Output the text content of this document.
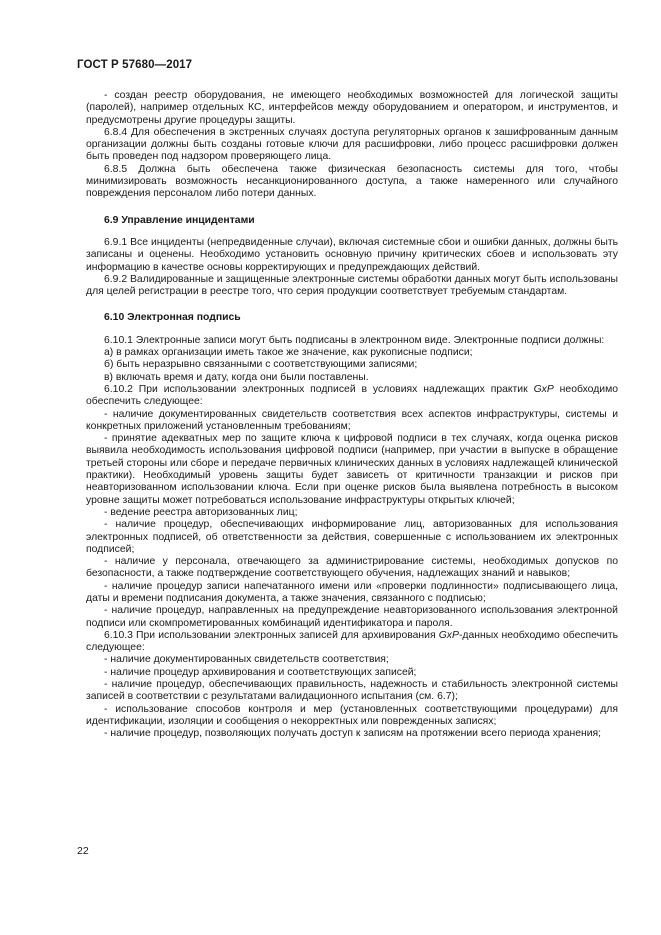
ГОСТ Р 57680—2017

- создан реестр оборудования, не имеющего необходимых возможностей для логической защиты (паролей), например отдельных КС, интерфейсов между оборудованием и оператором, и инструментов, и предусмотрены другие процедуры защиты.

6.8.4 Для обеспечения в экстренных случаях доступа регуляторных органов к зашифрованным данным организации должны быть созданы готовые ключи для расшифровки, либо процесс расшифровки должен быть проведен под надзором проверяющего лица.

6.8.5 Должна быть обеспечена также физическая безопасность системы для того, чтобы минимизировать возможность несанкционированного доступа, а также намеренного или случайного повреждения персоналом либо потери данных.

6.9 Управление инцидентами

6.9.1 Все инциденты (непредвиденные случаи), включая системные сбои и ошибки данных, должны быть записаны и оценены. Необходимо установить основную причину критических сбоев и использовать эту информацию в качестве основы корректирующих и предупреждающих действий.

6.9.2 Валидированные и защищенные электронные системы обработки данных могут быть использованы для целей регистрации в реестре того, что серия продукции соответствует требуемым стандартам.

6.10 Электронная подпись

6.10.1 Электронные записи могут быть подписаны в электронном виде. Электронные подписи должны:

а) в рамках организации иметь такое же значение, как рукописные подписи;

б) быть неразрывно связанными с соответствующими записями;

в) включать время и дату, когда они были поставлены.

6.10.2 При использовании электронных подписей в условиях надлежащих практик GxP необходимо обеспечить следующее:

- наличие документированных свидетельств соответствия всех аспектов инфраструктуры, системы и конкретных приложений установленным требованиям;

- принятие адекватных мер по защите ключа к цифровой подписи в тех случаях, когда оценка рисков выявила необходимость использования цифровой подписи (например, при участии в выпуске в обращение третьей стороны или сборе и передаче первичных клинических данных в условиях надлежащей клинической практики). Необходимый уровень защиты будет зависеть от критичности транзакции и рисков при неавторизованном использовании ключа. Если при оценке рисков была выявлена потребность в высоком уровне защиты может потребоваться использование инфраструктуры открытых ключей;

- ведение реестра авторизованных лиц;

- наличие процедур, обеспечивающих информирование лиц, авторизованных для использования электронных подписей, об ответственности за действия, совершенные с использованием их электронных подписей;

- наличие у персонала, отвечающего за администрирование системы, необходимых допусков по безопасности, а также подтверждение соответствующего обучения, надлежащих знаний и навыков;

- наличие процедур записи напечатанного имени или «проверки подлинности» подписывающего лица, даты и времени подписания документа, а также значения, связанного с подписью;

- наличие процедур, направленных на предупреждение неавторизованного использования электронной подписи или скомпрометированных комбинаций идентификатора и пароля.

6.10.3 При использовании электронных записей для архивирования GxP-данных необходимо обеспечить следующее:

- наличие документированных свидетельств соответствия;

- наличие процедур архивирования и соответствующих записей;

- наличие процедур, обеспечивающих правильность, надежность и стабильность электронной системы записей в соответствии с результатами валидационного испытания (см. 6.7);

- использование способов контроля и мер (установленных соответствующими процедурами) для идентификации, изоляции и сообщения о некорректных или поврежденных записях;

- наличие процедур, позволяющих получать доступ к записям на протяжении всего периода хранения;

22
